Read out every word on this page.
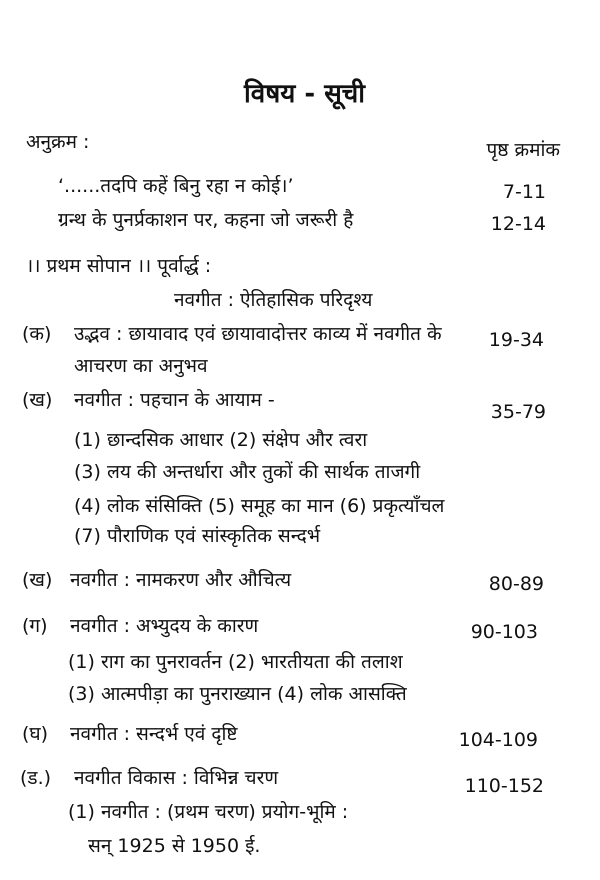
विषय - सूची
अनुक्रम :	पृष्ठ क्रमांक
‘......तदपि कहें बिनु रहा न कोई।’	7-11
ग्रन्थ के पुनर्प्रकाशन पर, कहना जो जरूरी है	12-14
।। प्रथम सोपान ।। पूर्वार्द्ध :
नवगीत : ऐतिहासिक परिदृश्य
(क) उद्भव : छायावाद एवं छायावादोत्तर काव्य में नवगीत के 19-34
आचरण का अनुभव
(ख) नवगीत : पहचान के आयाम -
35-79
(1) छान्दसिक आधार (2) संक्षेप और त्वरा
(3) लय की अन्तर्धारा और तुकों की सार्थक ताजगी
(4) लोक संसिक्ति (5) समूह का मान (6) प्रकृत्याँचल
(7) पौराणिक एवं सांस्कृतिक सन्दर्भ
(ख) नवगीत : नामकरण और औचित्य	80-89
(ग) नवगीत : अभ्युदय के कारण	90-103
(1) राग का पुनरावर्तन (2) भारतीयता की तलाश
(3) आत्मपीड़ा का पुनराख्यान (4) लोक आसक्ति
(घ) नवगीत : सन्दर्भ एवं दृष्टि	104-109
(ड.) नवगीत विकास : विभिन्न चरण	110-152
(1) नवगीत : (प्रथम चरण) प्रयोग-भूमि :
सन् 1925 से 1950 ई.
